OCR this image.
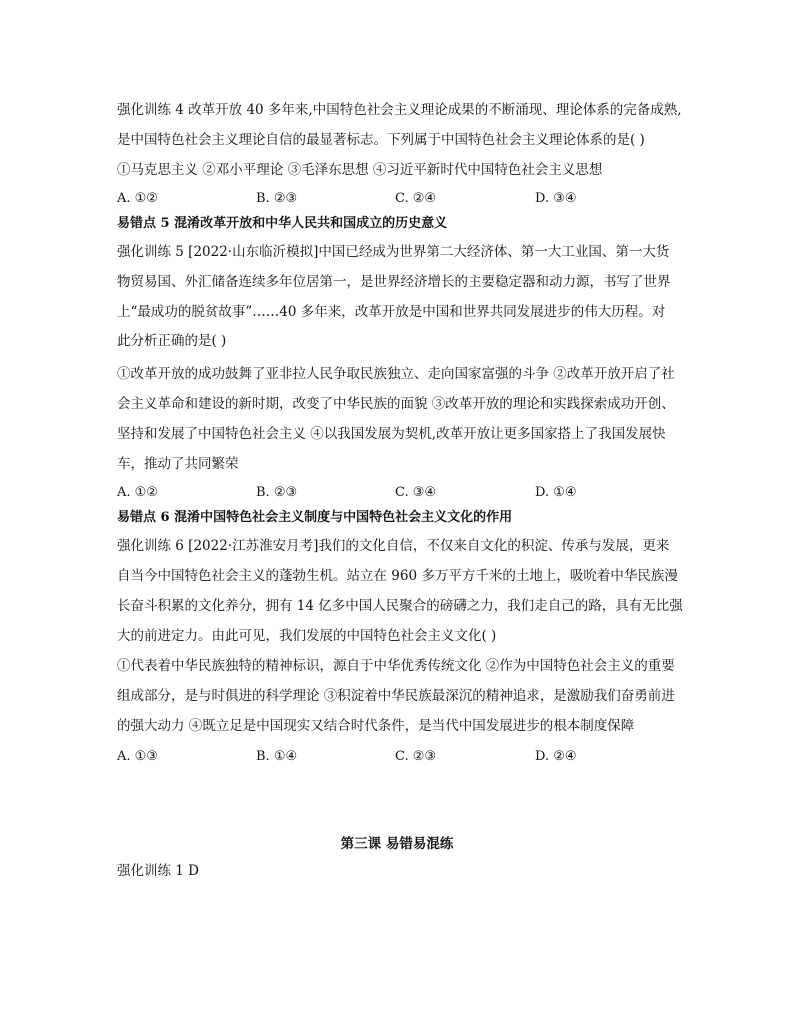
强化训练 4 改革开放 40 多年来,中国特色社会主义理论成果的不断涌现、理论体系的完备成熟,
是中国特色社会主义理论自信的最显著标志。下列属于中国特色社会主义理论体系的是( )
①马克思主义 ②邓小平理论 ③毛泽东思想 ④习近平新时代中国特色社会主义思想
A. ①②	B. ②③	C. ②④	D. ③④
易错点 5 混淆改革开放和中华人民共和国成立的历史意义
强化训练 5 [2022·山东临沂模拟]中国已经成为世界第二大经济体、第一大工业国、第一大货
物贸易国、外汇储备连续多年位居第一，是世界经济增长的主要稳定器和动力源，书写了世界
上“最成功的脱贫故事”……40 多年来，改革开放是中国和世界共同发展进步的伟大历程。对
此分析正确的是( )
①改革开放的成功鼓舞了亚非拉人民争取民族独立、走向国家富强的斗争 ②改革开放开启了社
会主义革命和建设的新时期，改变了中华民族的面貌 ③改革开放的理论和实践探索成功开创、
坚持和发展了中国特色社会主义 ④以我国发展为契机,改革开放让更多国家搭上了我国发展快
车，推动了共同繁荣
A. ①②	B. ②③	C. ③④	D. ①④
易错点 6 混淆中国特色社会主义制度与中国特色社会主义文化的作用
强化训练 6 [2022·江苏淮安月考]我们的文化自信，不仅来自文化的积淀、传承与发展，更来
自当今中国特色社会主义的蓬勃生机。站立在 960 多万平方千米的土地上，吸吮着中华民族漫
长奋斗积累的文化养分，拥有 14 亿多中国人民聚合的磅礴之力，我们走自己的路，具有无比强
大的前进定力。由此可见，我们发展的中国特色社会主义文化( )
①代表着中华民族独特的精神标识，源自于中华优秀传统文化 ②作为中国特色社会主义的重要
组成部分，是与时俱进的科学理论 ③积淀着中华民族最深沉的精神追求，是激励我们奋勇前进
的强大动力 ④既立足是中国现实又结合时代条件，是当代中国发展进步的根本制度保障
A. ①③	B. ①④	C. ②③	D. ②④
第三课 易错易混练
强化训练 1 D
